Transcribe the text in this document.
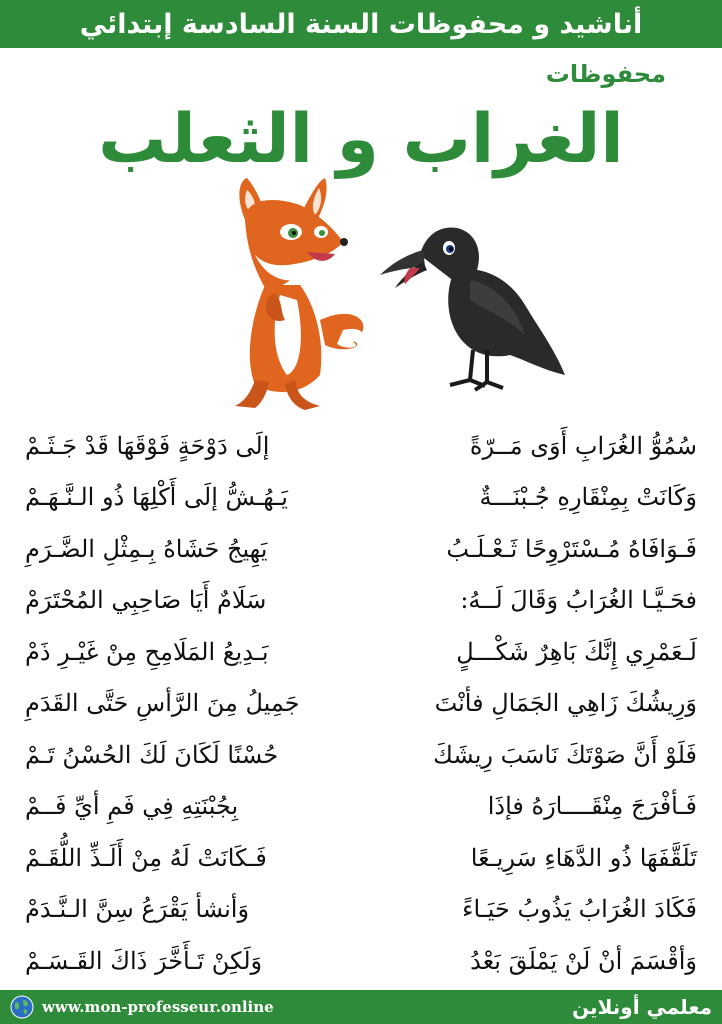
أناشيد و محفوظات السنة السادسة إبتدائي
محفوظات
الغراب و الثعلب
إلَى دَوْحَةٍ فَوْقَهَا قَدْ جَـثَـمْ	سُمُوُّ الغُرَابِ أَوَى مَــرّةً
يَـهُـشُّ إلَى أَكْلِهَا ذُو الـنَّـهَـمْ	وَكَانَتْ بِمِنْقَارِهِ جُـبْنَـــةٌ
يَهِيجُ حَشَاهُ بِـمِثْلِ الضَّـرَمِ	فَـوَافَاهُ مُـسْتَرْوِحًا ثَـعْـلَـبُ
سَلَامٌ أَيَا صَاحِبِي المُحْتَرَمْ	فحَـيَّـا الغُرَابُ وَقَالَ لَــهُ:
بَـدِيعُ المَلَامِحِ مِنْ غَيْـرِ ذَمْ	لَـعَمْرِي إِنَّكَ بَاهِرٌ شَكْـــلٍ
جَمِيلُ مِنَ الرَّأسِ حَتَّى القَدَمِ	وَرِيشُكَ زَاهِي الجَمَالِ فأنْتَ
حُسْنًا لَكَانَ لَكَ الحُسْنُ تَـمْ	فَلَوْ أَنَّ صَوْتَكَ نَاسَبَ رِيشَكَ
بِجُبْنَتِهِ فِي فَمِ أيِّ فَــمْ	فَـأفْرَجَ مِنْقَــــارَهُ فإذَا
فَـكَانَتْ لَهُ مِنْ أَلَـذِّ اللُّقَـمْ	تَلَقَّفَهَا ذُو الدَّهَاءِ سَرِيـعًا
وَأنشأ يَقْرَعُ سِنَّ الـنَّـدَمْ	فَكَادَ الغُرَابُ يَذُوبُ حَيَـاءً
وَلَكِنْ تَـأَخَّرَ ذَاكَ القَـسَـمْ	وَأقْسَمَ أنْ لَنْ يَمْلَقَ بَعْدُ
www.mon-professeur.online	معلمي أونلاين
